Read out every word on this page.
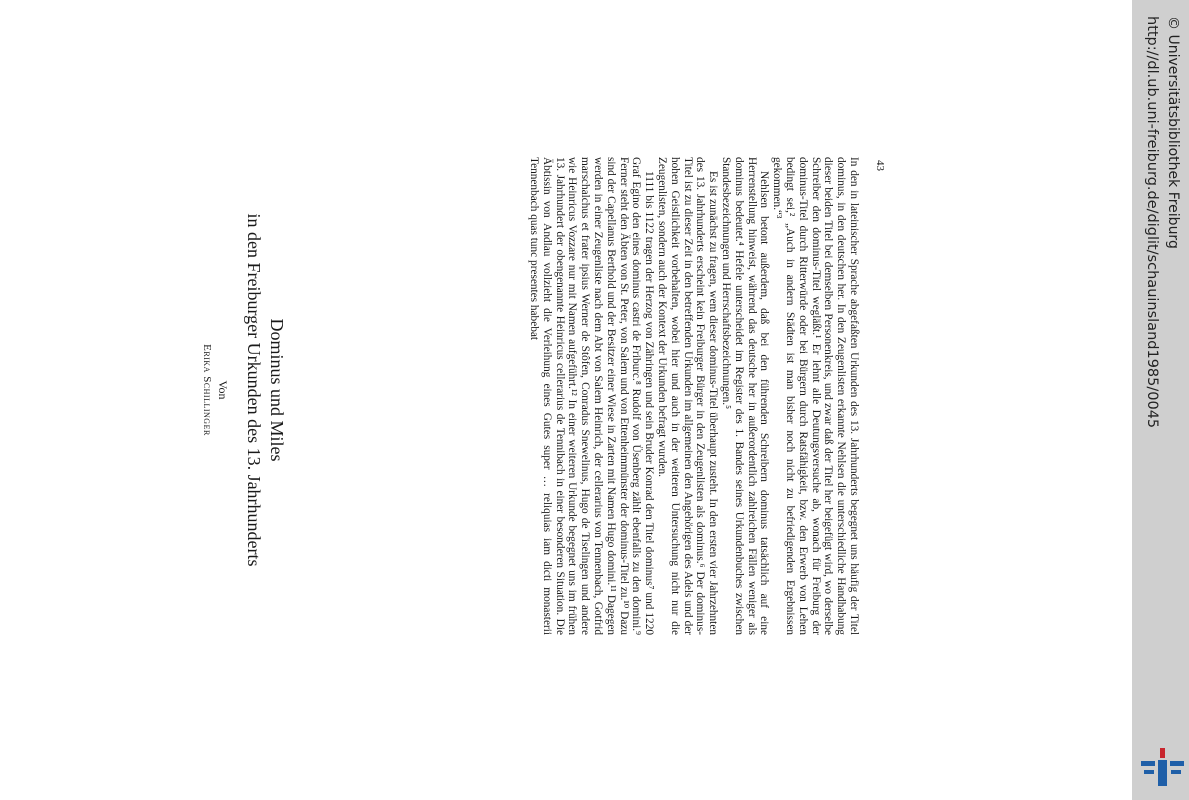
Dominus und Miles
in den Freiburger Urkunden des 13. Jahrhunderts
Von
Erika Schillinger	In den in lateinischer Sprache abgefaßten Urkunden des 13. Jahrhunderts begegnet uns häufig der Titel dominus, in den deutschen her. In den Zeugenlisten erkannte Nehlsen die unterschiedliche Handhabung dieser beiden Titel bei demselben Personenkreis, und zwar daß der Titel her beigefügt wird, wo derselbe Schreiber den dominus-Titel wegläßt.¹ Er lehnt alle Deutungsversuche ab, wonach für Freiburg der dominus-Titel durch Ritterwürde oder bei Bürgern durch Ratsfähigkeit, bzw. den Erwerb von Lehen bedingt sei,² „Auch in andern Städten ist man bisher noch nicht zu befriedigenden Ergebnissen gekommen.“³

Nehlsen betont außerdem, daß bei den führenden Schreibern dominus tatsächlich auf eine Herrenstellung hinweist, während das deutsche her in außerordentlich zahlreichen Fällen weniger als dominus bedeutet.⁴ Hefele unterscheidet im Register des 1. Bandes seines Urkundenbuches zwischen Standesbezeichnungen und Herrschaftsbezeichnungen.⁵

Es ist zunächst zu fragen, wem dieser dominus-Titel überhaupt zusteht. In den ersten vier Jahrzehnten des 13. Jahrhunderts erscheint kein Freiburger Bürger in den Zeugenlisten als dominus.⁶ Der dominus-Titel ist zu dieser Zeit in den betreffenden Urkunden im allgemeinen den Angehörigen des Adels und der hohen Geistlichkeit vorbehalten, wobei hier und auch in der weiteren Untersuchung nicht nur die Zeugenlisten, sondern auch der Kontext der Urkunden befragt wurden.

1111 bis 1122 tragen der Herzog von Zähringen und sein Bruder Konrad den Titel dominus⁷ und 1220 Graf Egino den eines dominus castri de Friburc.⁸ Rudolf von Üsenberg zählt ebenfalls zu den domini.⁹ Ferner steht den Äbten von St. Peter, von Salem und von Ettenheimmünster der dominus-Titel zu.¹⁰ Dazu sind der Capellanus Berthold und der Besitzer einer Wiese in Zarten mit Namen Hugo domini.¹¹ Dagegen werden in einer Zeugenliste nach dem Abt von Salem Heinrich, der cellerarius von Tennenbach, Gotfrid marschalchus et frater ipsius Werner de Stôfen, Conradus Snewelinus, Hugo de Tiselingen und andere wie Heinricus Vozzare nur mit Namen aufgeführt.¹² In einer weiteren Urkunde begegnet uns im frühen 13. Jahrhundert der obengenannte Heinricus cellerarius de Tennibach in einer besonderen Situation. Die Äbtissin von Andlau vollzieht die Verleihung eines Gutes super … reliquias iam dicti monasterii Tennenbach quas tunc presentes habebat	43	http://dl.ub.uni-freiburg.de/diglit/schauinsland1985/0045 © Universitätsbibliothek Freiburg
